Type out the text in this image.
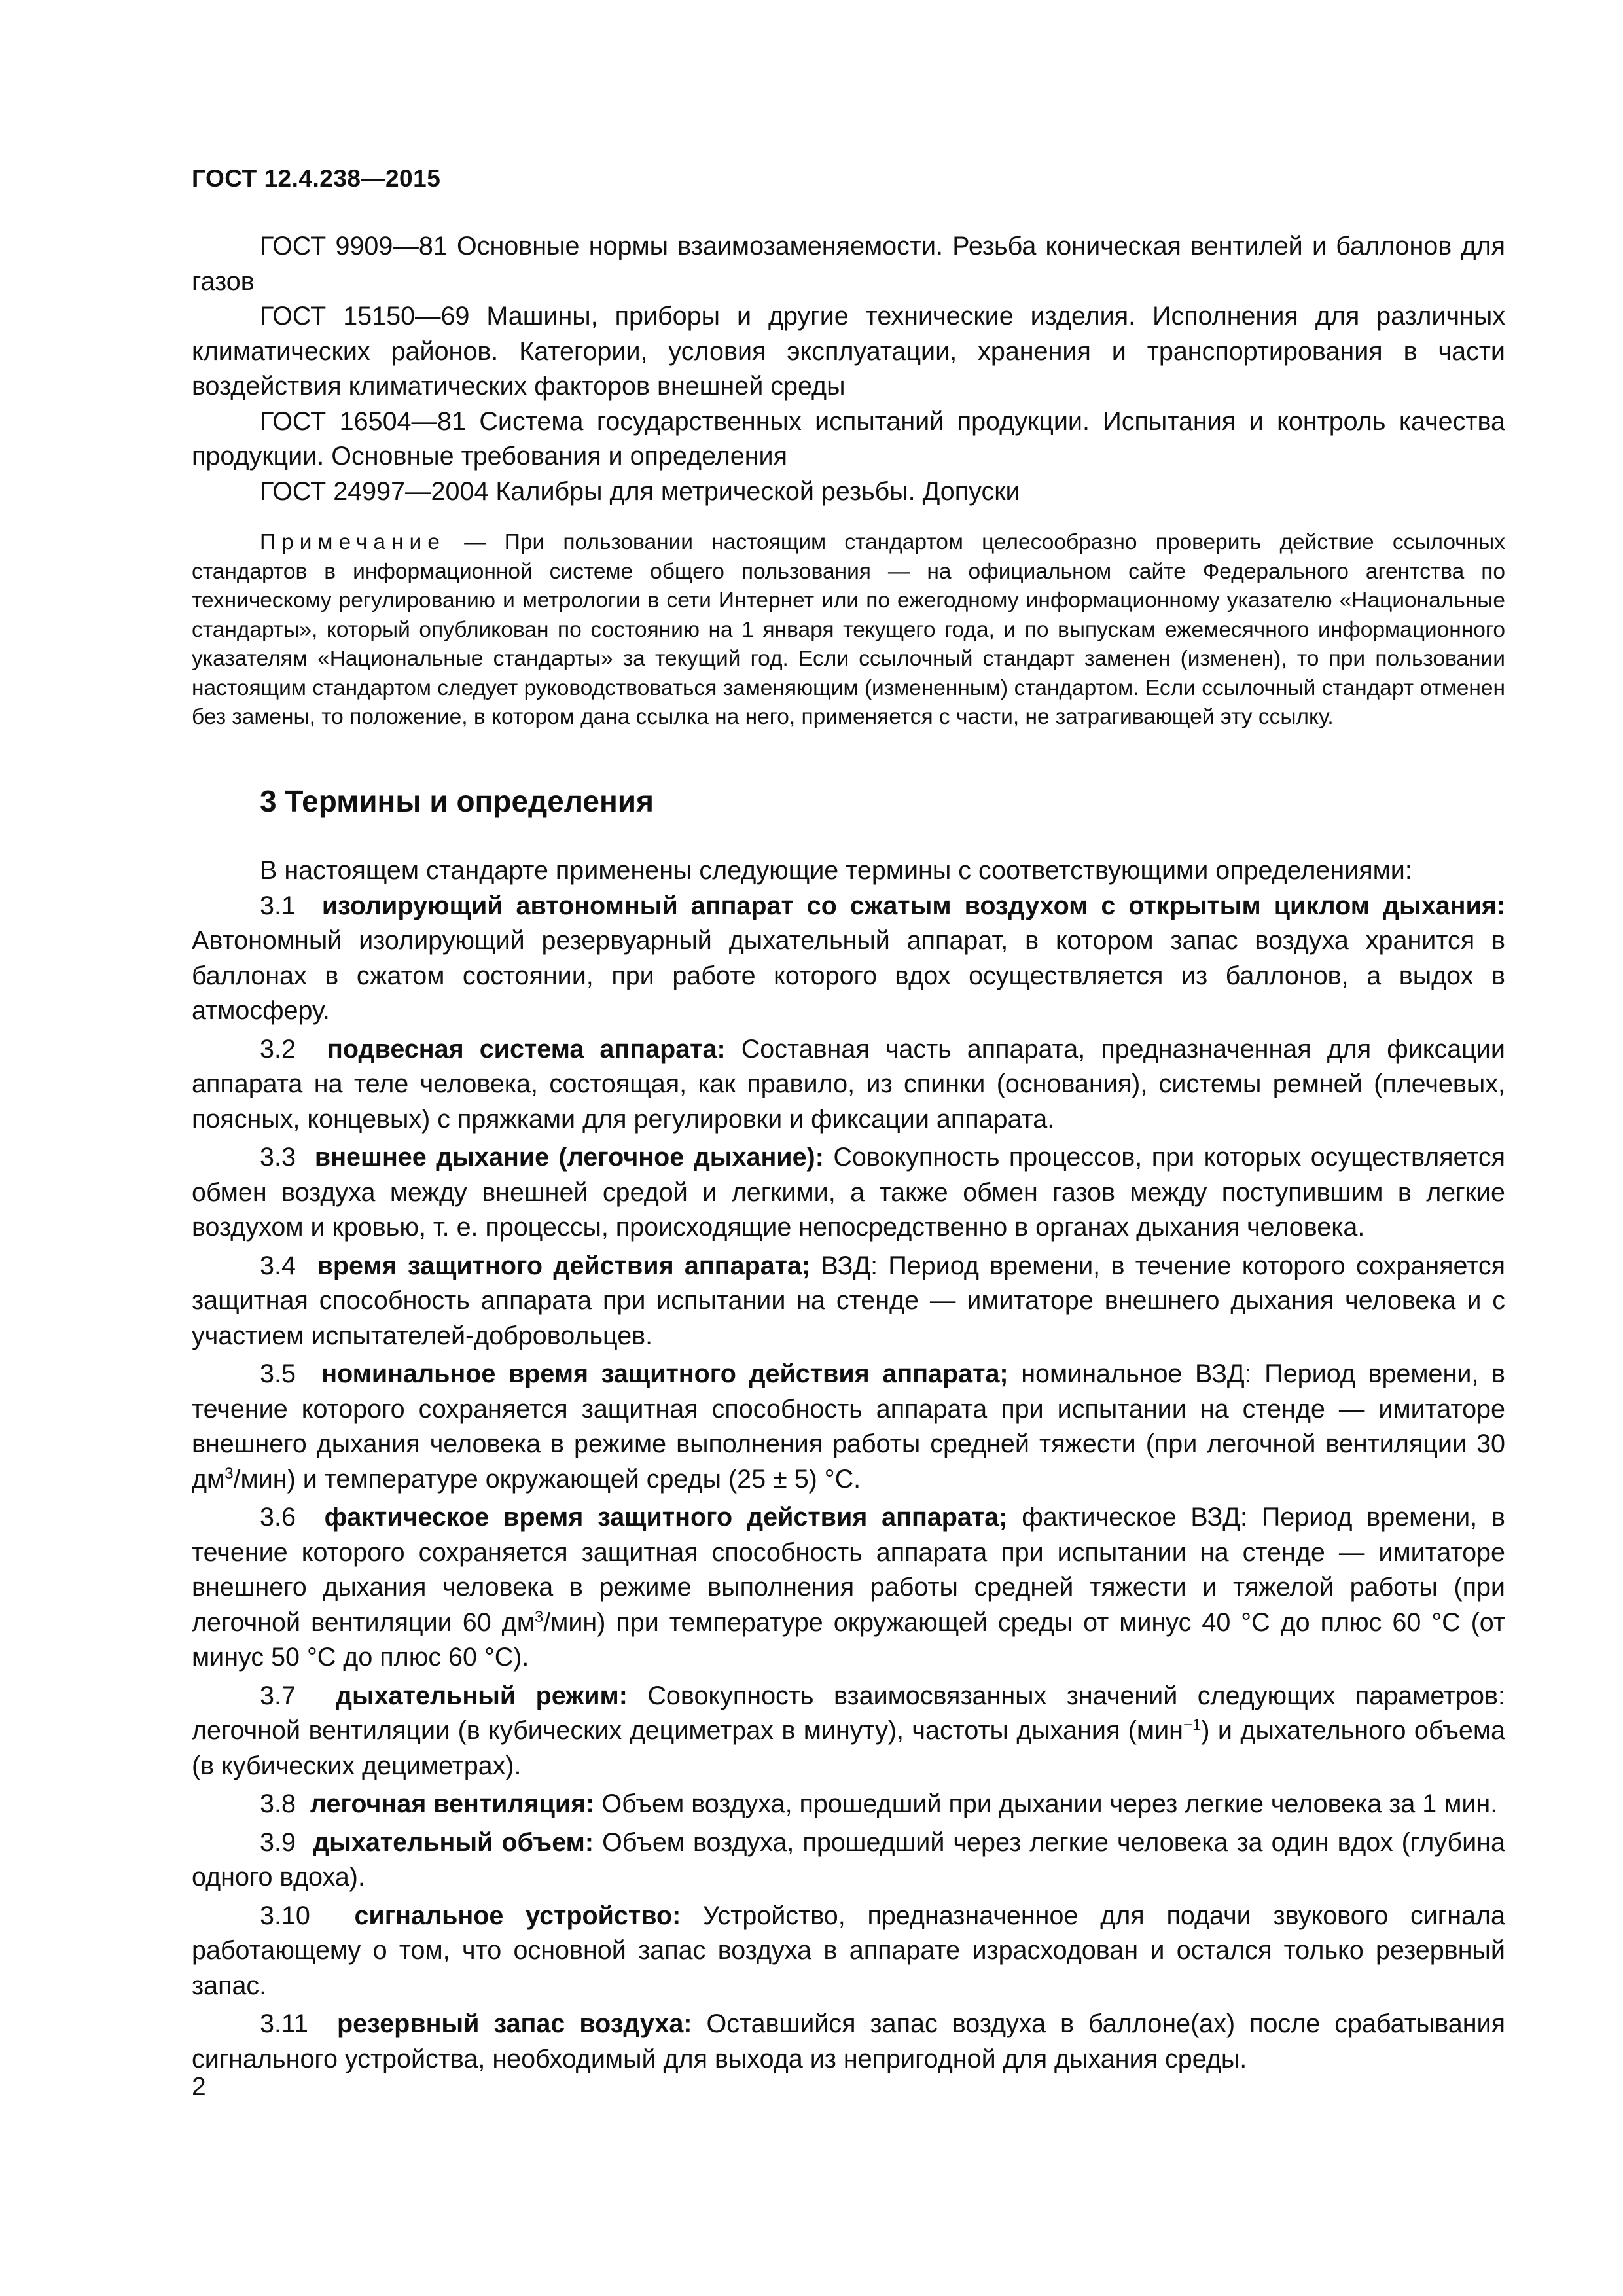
ГОСТ 12.4.238—2015

ГОСТ 9909—81 Основные нормы взаимозаменяемости. Резьба коническая вентилей и баллонов для газов

ГОСТ 15150—69 Машины, приборы и другие технические изделия. Исполнения для различных климатических районов. Категории, условия эксплуатации, хранения и транспортирования в части воздействия климатических факторов внешней среды

ГОСТ 16504—81 Система государственных испытаний продукции. Испытания и контроль качества продукции. Основные требования и определения

ГОСТ 24997—2004 Калибры для метрической резьбы. Допуски

Примечание — При пользовании настоящим стандартом целесообразно проверить действие ссылочных стандартов в информационной системе общего пользования — на официальном сайте Федерального агентства по техническому регулированию и метрологии в сети Интернет или по ежегодному информационному указателю «Национальные стандарты», который опубликован по состоянию на 1 января текущего года, и по выпускам ежемесячного информационного указателям «Национальные стандарты» за текущий год. Если ссылочный стандарт заменен (изменен), то при пользовании настоящим стандартом следует руководствоваться заменяющим (измененным) стандартом. Если ссылочный стандарт отменен без замены, то положение, в котором дана ссылка на него, применяется с части, не затрагивающей эту ссылку.

3 Термины и определения

В настоящем стандарте применены следующие термины с соответствующими определениями:

3.1 изолирующий автономный аппарат со сжатым воздухом с открытым циклом дыхания: Автономный изолирующий резервуарный дыхательный аппарат, в котором запас воздуха хранится в баллонах в сжатом состоянии, при работе которого вдох осуществляется из баллонов, а выдох в атмосферу.

3.2 подвесная система аппарата: Составная часть аппарата, предназначенная для фиксации аппарата на теле человека, состоящая, как правило, из спинки (основания), системы ремней (плечевых, поясных, концевых) с пряжками для регулировки и фиксации аппарата.

3.3 внешнее дыхание (легочное дыхание): Совокупность процессов, при которых осуществляется обмен воздуха между внешней средой и легкими, а также обмен газов между поступившим в легкие воздухом и кровью, т. е. процессы, происходящие непосредственно в органах дыхания человека.

3.4 время защитного действия аппарата; ВЗД: Период времени, в течение которого сохраняется защитная способность аппарата при испытании на стенде — имитаторе внешнего дыхания человека и с участием испытателей-добровольцев.

3.5 номинальное время защитного действия аппарата; номинальное ВЗД: Период времени, в течение которого сохраняется защитная способность аппарата при испытании на стенде — имитаторе внешнего дыхания человека в режиме выполнения работы средней тяжести (при легочной вентиляции 30 $дм^3/мин$) и температуре окружающей среды (25 ± 5) °С.

3.6 фактическое время защитного действия аппарата; фактическое ВЗД: Период времени, в течение которого сохраняется защитная способность аппарата при испытании на стенде — имитаторе внешнего дыхания человека в режиме выполнения работы средней тяжести и тяжелой работы (при легочной вентиляции 60 $дм^3/мин$) при температуре окружающей среды от минус 40 °С до плюс 60 °С (от минус 50 °С до плюс 60 °С).

3.7 дыхательный режим: Совокупность взаимосвязанных значений следующих параметров: легочной вентиляции (в кубических дециметрах в минуту), частоты дыхания (мин$^{-1}$) и дыхательного объема (в кубических дециметрах).

3.8 легочная вентиляция: Объем воздуха, прошедший при дыхании через легкие человека за 1 мин.

3.9 дыхательный объем: Объем воздуха, прошедший через легкие человека за один вдох (глубина одного вдоха).

3.10 сигнальное устройство: Устройство, предназначенное для подачи звукового сигнала работающему о том, что основной запас воздуха в аппарате израсходован и остался только резервный запас.

3.11 резервный запас воздуха: Оставшийся запас воздуха в баллоне(ах) после срабатывания сигнального устройства, необходимый для выхода из непригодной для дыхания среды.

2
